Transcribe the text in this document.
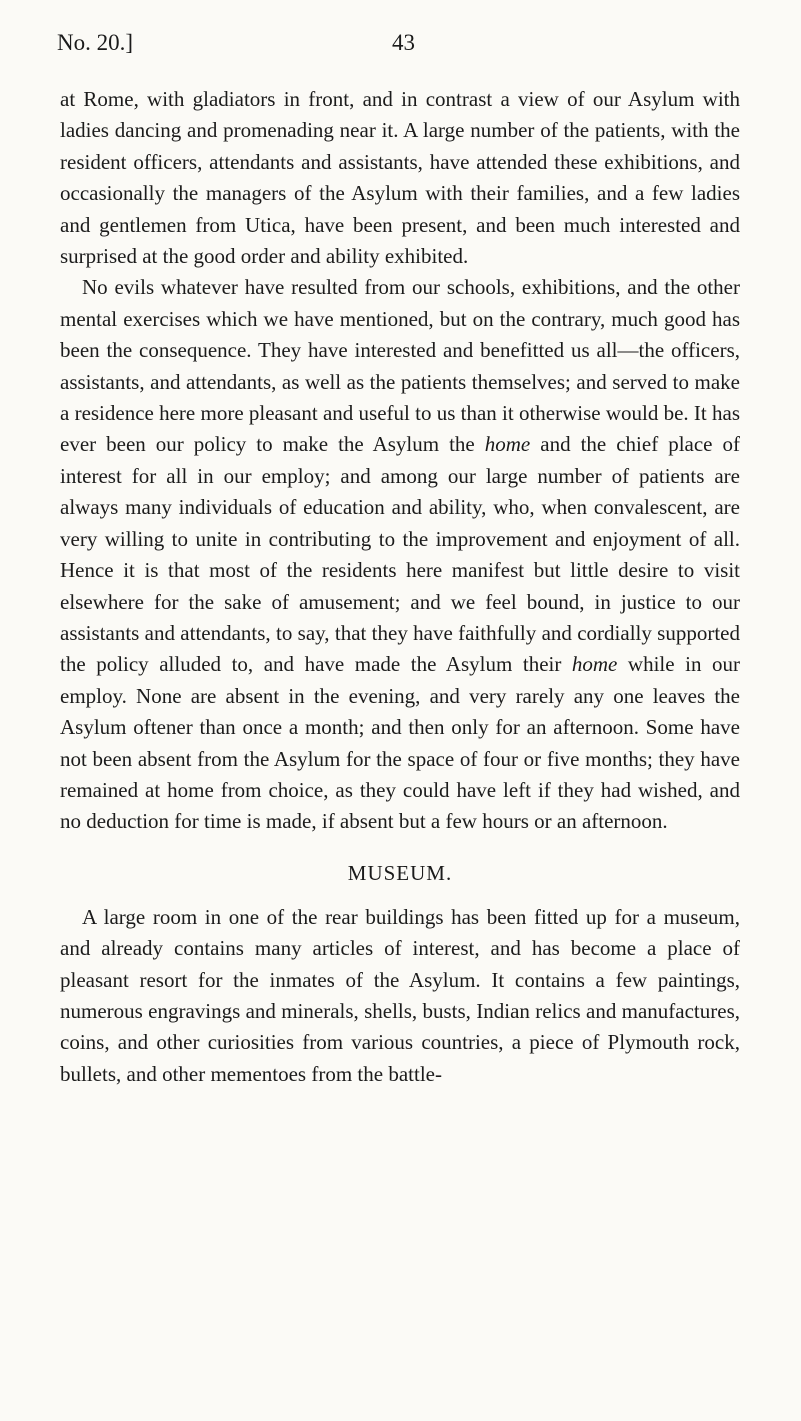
No. 20.]	43

at Rome, with gladiators in front, and in contrast a view of our Asylum with ladies dancing and promenading near it. A large number of the patients, with the resident officers, attendants and assistants, have attended these exhibitions, and occasionally the managers of the Asylum with their families, and a few ladies and gentlemen from Utica, have been present, and been much interested and surprised at the good order and ability exhibited.

No evils whatever have resulted from our schools, exhibitions, and the other mental exercises which we have mentioned, but on the contrary, much good has been the consequence. They have interested and benefitted us all—the officers, assistants, and attendants, as well as the patients themselves; and served to make a residence here more pleasant and useful to us than it otherwise would be. It has ever been our policy to make the Asylum the home and the chief place of interest for all in our employ; and among our large number of patients are always many individuals of education and ability, who, when convalescent, are very willing to unite in contributing to the improvement and enjoyment of all. Hence it is that most of the residents here manifest but little desire to visit elsewhere for the sake of amusement; and we feel bound, in justice to our assistants and attendants, to say, that they have faithfully and cordially supported the policy alluded to, and have made the Asylum their home while in our employ. None are absent in the evening, and very rarely any one leaves the Asylum oftener than once a month; and then only for an afternoon. Some have not been absent from the Asylum for the space of four or five months; they have remained at home from choice, as they could have left if they had wished, and no deduction for time is made, if absent but a few hours or an afternoon.

MUSEUM.

A large room in one of the rear buildings has been fitted up for a museum, and already contains many articles of interest, and has become a place of pleasant resort for the inmates of the Asylum. It contains a few paintings, numerous engravings and minerals, shells, busts, Indian relics and manufactures, coins, and other curiosities from various countries, a piece of Plymouth rock, bullets, and other mementoes from the battle-
